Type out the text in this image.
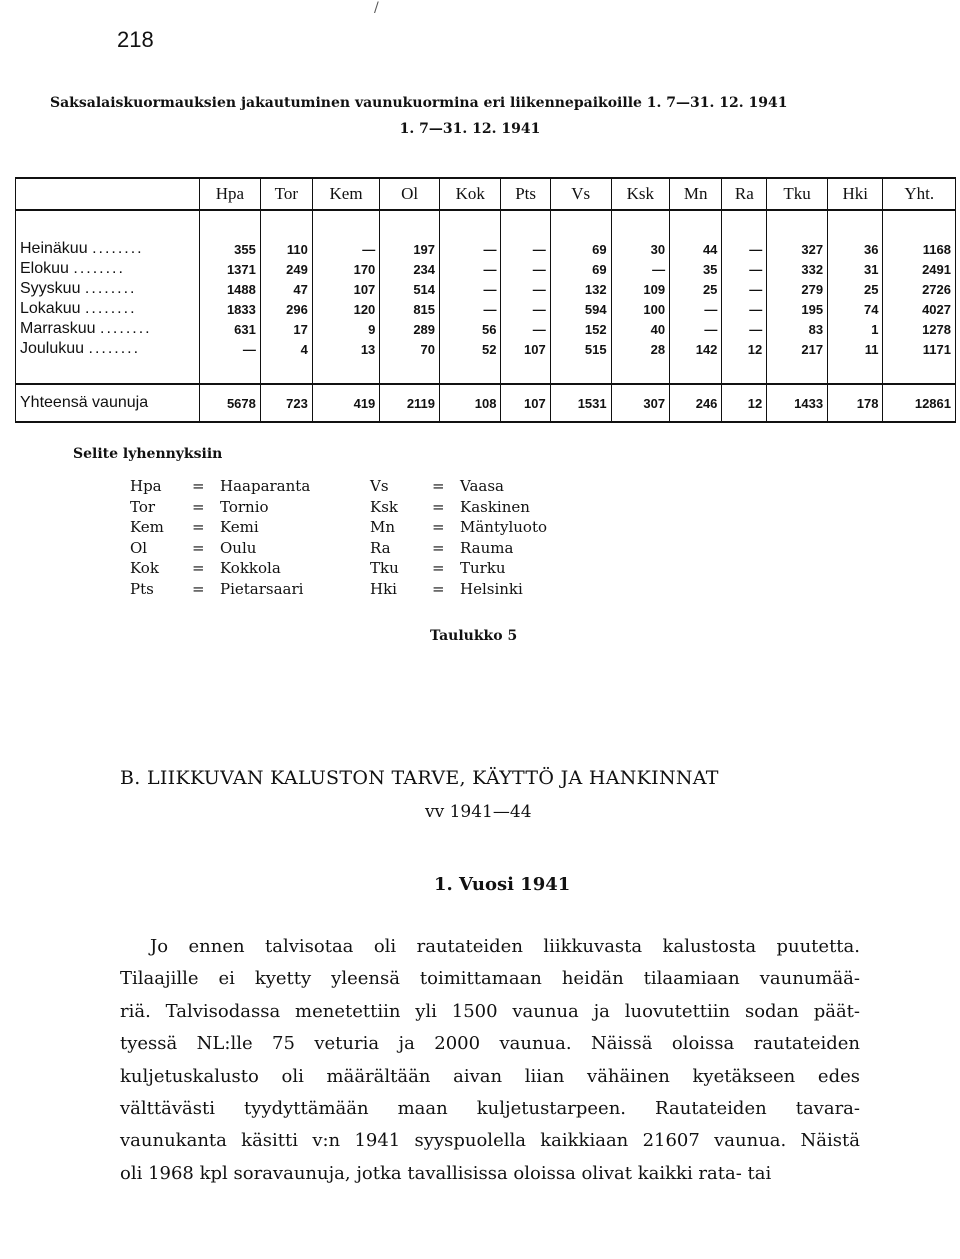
/
218
Saksalaiskuormauksien jakautuminen vaunukuormina eri liikennepaikoille 1. 7—31. 12. 1941
1. 7—31. 12. 1941
	Hpa	Tor	Kem	Ol	Kok	Pts	Vs	Ksk	Mn	Ra	Tku	Hki	Yht.

Heinäkuu ........	355	110	—	197	—	—	69	30	44	—	327	36	1168
Elokuu ........	1371	249	170	234	—	—	69	—	35	—	332	31	2491
Syyskuu ........	1488	47	107	514	—	—	132	109	25	—	279	25	2726
Lokakuu ........	1833	296	120	815	—	—	594	100	—	—	195	74	4027
Marraskuu ........	631	17	9	289	56	—	152	40	—	—	83	1	1278
Joulukuu ........	—	4	13	70	52	107	515	28	142	12	217	11	1171

Yhteensä vaunuja	5678	723	419	2119	108	107	1531	307	246	12	1433	178	12861
Selite lyhennyksiin
Hpa	=	Haaparanta	Vs	=	Vaasa
Tor	=	Tornio	Ksk	=	Kaskinen
Kem	=	Kemi	Mn	=	Mäntyluoto
Ol	=	Oulu	Ra	=	Rauma
Kok	=	Kokkola	Tku	=	Turku
Pts	=	Pietarsaari	Hki	=	Helsinki
Taulukko 5
B. LIIKKUVAN KALUSTON TARVE, KÄYTTÖ JA HANKINNAT
vv 1941—44
1. Vuosi 1941
Jo ennen talvisotaa oli rautateiden liikkuvasta kalustosta puutetta.
Tilaajille ei kyetty yleensä toimittamaan heidän tilaamiaan vaunumää-
riä. Talvisodassa menetettiin yli 1500 vaunua ja luovutettiin sodan päät-
tyessä NL:lle 75 veturia ja 2000 vaunua. Näissä oloissa rautateiden
kuljetuskalusto oli määrältään aivan liian vähäinen kyetäkseen edes
välttävästi tyydyttämään maan kuljetustarpeen. Rautateiden tavara-
vaunukanta käsitti v:n 1941 syyspuolella kaikkiaan 21607 vaunua. Näistä
oli 1968 kpl soravaunuja, jotka tavallisissa oloissa olivat kaikki rata- tai
